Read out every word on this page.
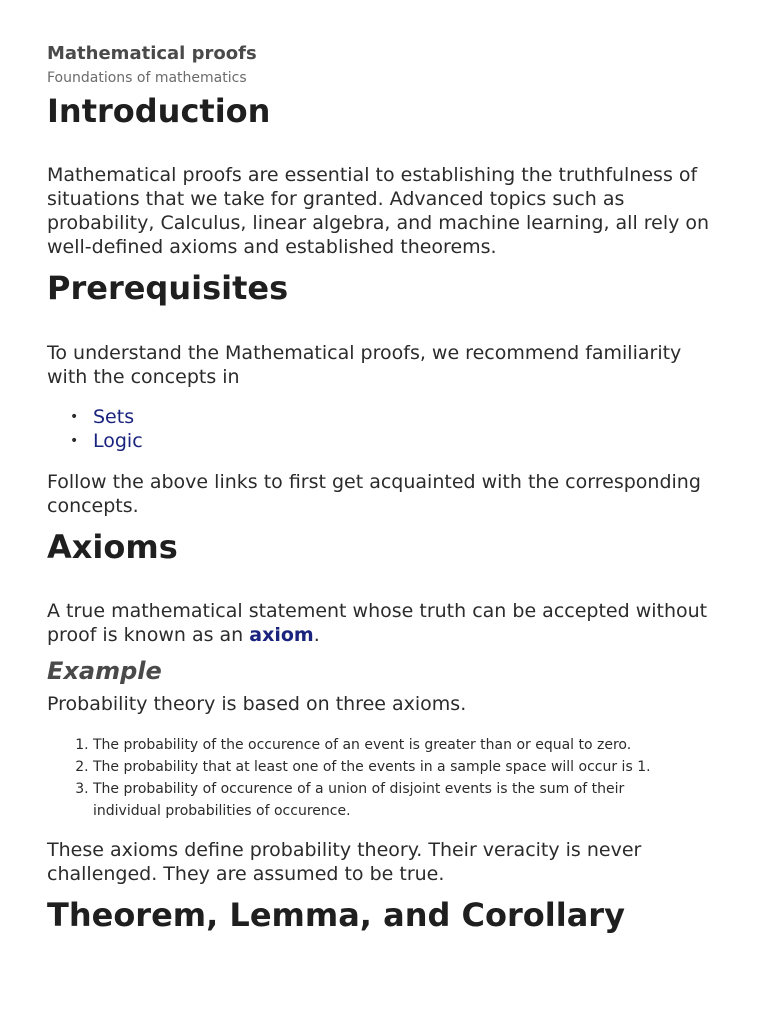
Mathematical proofs
Foundations of mathematics
Introduction

Mathematical proofs are essential to establishing the truthfulness of situations that we take for granted. Advanced topics such as probability, Calculus, linear algebra, and machine learning, all rely on well-defined axioms and established theorems.

Prerequisites

To understand the Mathematical proofs, we recommend familiarity with the concepts in

• Sets
• Logic

Follow the above links to first get acquainted with the corresponding concepts.

Axioms

A true mathematical statement whose truth can be accepted without proof is known as an axiom.

Example

Probability theory is based on three axioms.

1. The probability of the occurence of an event is greater than or equal to zero.
2. The probability that at least one of the events in a sample space will occur is 1.
3. The probability of occurence of a union of disjoint events is the sum of their individual probabilities of occurence.

These axioms define probability theory. Their veracity is never challenged. They are assumed to be true.

Theorem, Lemma, and Corollary
